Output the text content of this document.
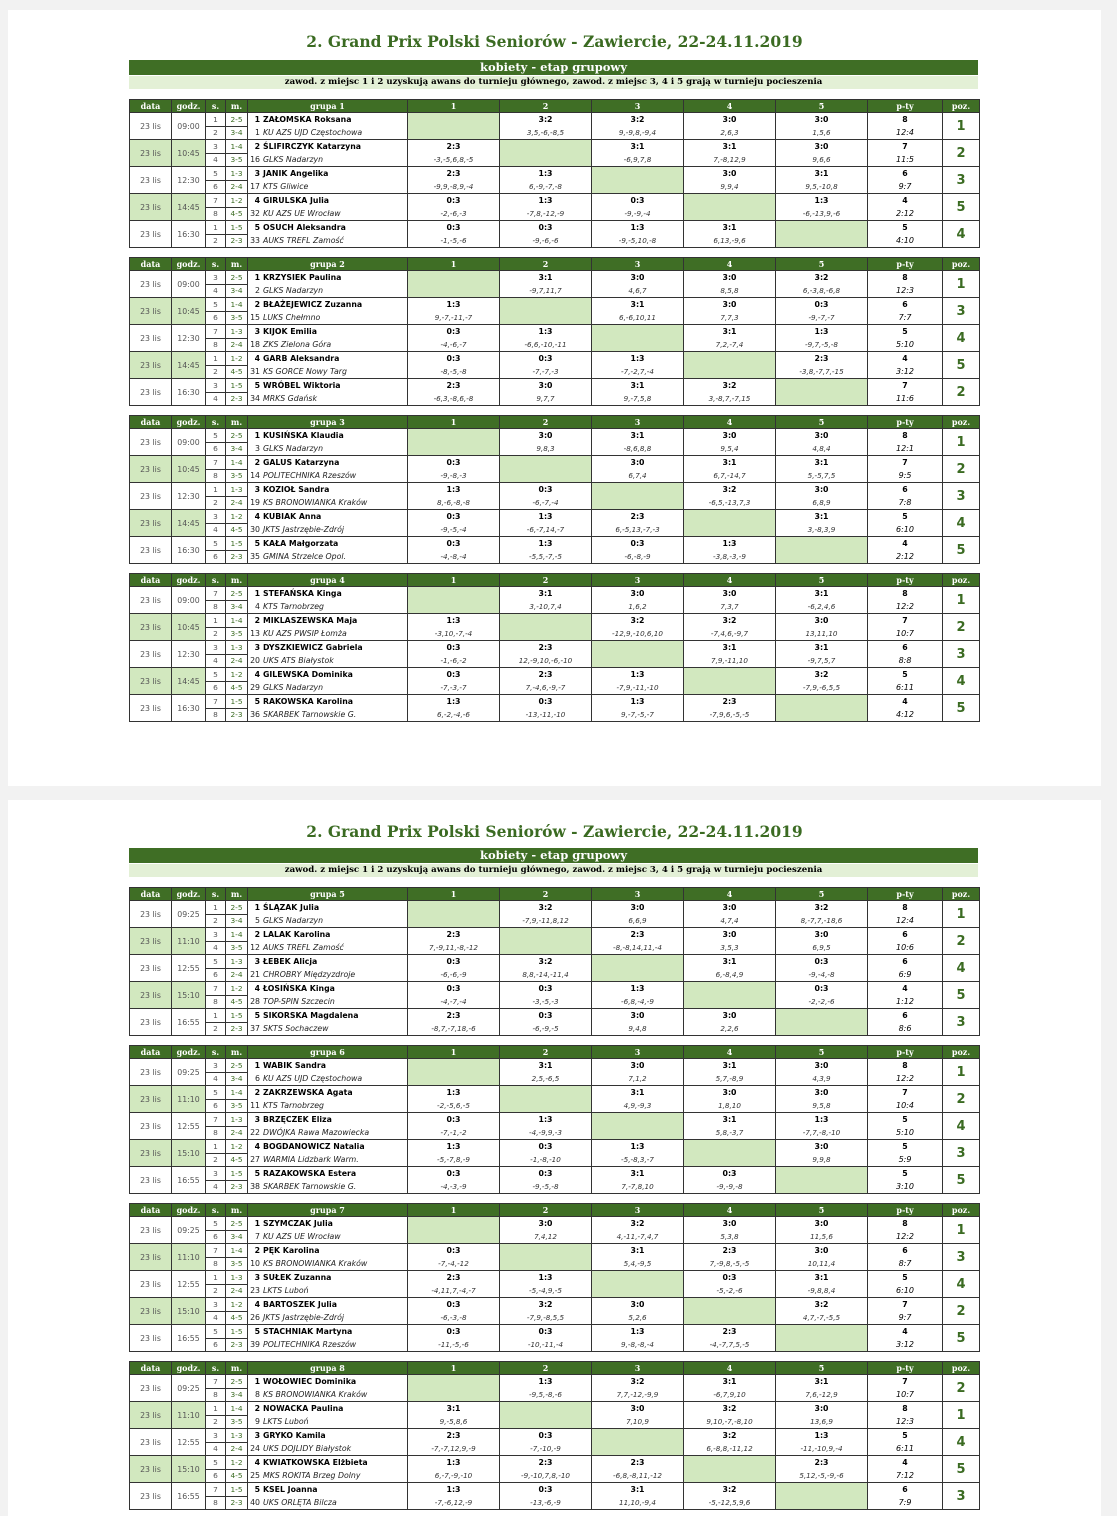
2. Grand Prix Polski Seniorów - Zawiercie, 22-24.11.2019
kobiety - etap grupowy
zawod. z miejsc 1 i 2 uzyskują awans do turnieju głównego, zawod. z miejsc 3, 4 i 5 grają w turnieju pocieszenia
data	godz.	s.	m.	grupa 1	1	2	3	4	5	p-ty	poz.
23 lis	09:00	1	2-5	1 ZAŁOMSKA Roksana		3:2	3:2	3:0	3:0	8	1
		2	3-4	1 KU AZS UJD Częstochowa		3,5,-6,-8,5	9,-9,8,-9,4	2,6,3	1,5,6	12:4	
23 lis	10:45	3	1-4	2 ŚLIFIRCZYK Katarzyna	2:3		3:1	3:1	3:0	7	2
		4	3-5	16 GLKS Nadarzyn	-3,-5,6,8,-5		-6,9,7,8	7,-8,12,9	9,6,6	11:5	
23 lis	12:30	5	1-3	3 JANIK Angelika	2:3	1:3		3:0	3:1	6	3
		6	2-4	17 KTS Gliwice	-9,9,-8,9,-4	6,-9,-7,-8		9,9,4	9,5,-10,8	9:7	
23 lis	14:45	7	1-2	4 GIRULSKA Julia	0:3	1:3	0:3		1:3	4	5
		8	4-5	32 KU AZS UE Wrocław	-2,-6,-3	-7,8,-12,-9	-9,-9,-4		-6,-13,9,-6	2:12	
23 lis	16:30	1	1-5	5 OSUCH Aleksandra	0:3	0:3	1:3	3:1		5	4
		2	2-3	33 AUKS TREFL Zamość	-1,-5,-6	-9,-6,-6	-9,-5,10,-8	6,13,-9,6		4:10	
data	godz.	s.	m.	grupa 2	1	2	3	4	5	p-ty	poz.
23 lis	09:00	3	2-5	1 KRZYSIEK Paulina		3:1	3:0	3:0	3:2	8	1
		4	3-4	2 GLKS Nadarzyn		-9,7,11,7	4,6,7	8,5,8	6,-3,8,-6,8	12:3	
23 lis	10:45	5	1-4	2 BŁAŻEJEWICZ Zuzanna	1:3		3:1	3:0	0:3	6	3
		6	3-5	15 LUKS Chełmno	9,-7,-11,-7		6,-6,10,11	7,7,3	-9,-7,-7	7:7	
23 lis	12:30	7	1-3	3 KIJOK Emilia	0:3	1:3		3:1	1:3	5	4
		8	2-4	18 ZKS Zielona Góra	-4,-6,-7	-6,6,-10,-11		7,2,-7,4	-9,7,-5,-8	5:10	
23 lis	14:45	1	1-2	4 GARB Aleksandra	0:3	0:3	1:3		2:3	4	5
		2	4-5	31 KS GORCE Nowy Targ	-8,-5,-8	-7,-7,-3	-7,-2,7,-4		-3,8,-7,7,-15	3:12	
23 lis	16:30	3	1-5	5 WRÓBEL Wiktoria	2:3	3:0	3:1	3:2		7	2
		4	2-3	34 MRKS Gdańsk	-6,3,-8,6,-8	9,7,7	9,-7,5,8	3,-8,7,-7,15		11:6	
data	godz.	s.	m.	grupa 3	1	2	3	4	5	p-ty	poz.
23 lis	09:00	5	2-5	1 KUSIŃSKA Klaudia		3:0	3:1	3:0	3:0	8	1
		6	3-4	3 GLKS Nadarzyn		9,8,3	-8,6,8,8	9,5,4	4,8,4	12:1	
23 lis	10:45	7	1-4	2 GALUS Katarzyna	0:3		3:0	3:1	3:1	7	2
		8	3-5	14 POLITECHNIKA Rzeszów	-9,-8,-3		6,7,4	6,7,-14,7	5,-5,7,5	9:5	
23 lis	12:30	1	1-3	3 KOZIOŁ Sandra	1:3	0:3		3:2	3:0	6	3
		2	2-4	19 KS BRONOWIANKA Kraków	8,-6,-8,-8	-6,-7,-4		-6,5,-13,7,3	6,8,9	7:8	
23 lis	14:45	3	1-2	4 KUBIAK Anna	0:3	1:3	2:3		3:1	5	4
		4	4-5	30 JKTS Jastrzębie-Zdrój	-9,-5,-4	-6,-7,14,-7	6,-5,13,-7,-3		3,-8,3,9	6:10	
23 lis	16:30	5	1-5	5 KAŁA Małgorzata	0:3	1:3	0:3	1:3		4	5
		6	2-3	35 GMINA Strzelce Opol.	-4,-8,-4	-5,5,-7,-5	-6,-8,-9	-3,8,-3,-9		2:12	
data	godz.	s.	m.	grupa 4	1	2	3	4	5	p-ty	poz.
23 lis	09:00	7	2-5	1 STEFAŃSKA Kinga		3:1	3:0	3:0	3:1	8	1
		8	3-4	4 KTS Tarnobrzeg		3,-10,7,4	1,6,2	7,3,7	-6,2,4,6	12:2	
23 lis	10:45	1	1-4	2 MIKLASZEWSKA Maja	1:3		3:2	3:2	3:0	7	2
		2	3-5	13 KU AZS PWSIP Łomża	-3,10,-7,-4		-12,9,-10,6,10	-7,4,6,-9,7	13,11,10	10:7	
23 lis	12:30	3	1-3	3 DYSZKIEWICZ Gabriela	0:3	2:3		3:1	3:1	6	3
		4	2-4	20 UKS ATS Białystok	-1,-6,-2	12,-9,10,-6,-10		7,9,-11,10	-9,7,5,7	8:8	
23 lis	14:45	5	1-2	4 GILEWSKA Dominika	0:3	2:3	1:3		3:2	5	4
		6	4-5	29 GLKS Nadarzyn	-7,-3,-7	7,-4,6,-9,-7	-7,9,-11,-10		-7,9,-6,5,5	6:11	
23 lis	16:30	7	1-5	5 RAKOWSKA Karolina	1:3	0:3	1:3	2:3		4	5
		8	2-3	36 SKARBEK Tarnowskie G.	6,-2,-4,-6	-13,-11,-10	9,-7,-5,-7	-7,9,6,-5,-5		4:12	
2. Grand Prix Polski Seniorów - Zawiercie, 22-24.11.2019
kobiety - etap grupowy
zawod. z miejsc 1 i 2 uzyskują awans do turnieju głównego, zawod. z miejsc 3, 4 i 5 grają w turnieju pocieszenia
data	godz.	s.	m.	grupa 5	1	2	3	4	5	p-ty	poz.
23 lis	09:25	1	2-5	1 ŚLĄZAK Julia		3:2	3:0	3:0	3:2	8	1
		2	3-4	5 GLKS Nadarzyn		-7,9,-11,8,12	6,6,9	4,7,4	8,-7,7,-18,6	12:4	
23 lis	11:10	3	1-4	2 LALAK Karolina	2:3		2:3	3:0	3:0	6	2
		4	3-5	12 AUKS TREFL Zamość	7,-9,11,-8,-12		-8,-8,14,11,-4	3,5,3	6,9,5	10:6	
23 lis	12:55	5	1-3	3 ŁEBEK Alicja	0:3	3:2		3:1	0:3	6	4
		6	2-4	21 CHROBRY Międzyzdroje	-6,-6,-9	8,8,-14,-11,4		6,-8,4,9	-9,-4,-8	6:9	
23 lis	15:10	7	1-2	4 ŁOSIŃSKA Kinga	0:3	0:3	1:3		0:3	4	5
		8	4-5	28 TOP-SPIN Szczecin	-4,-7,-4	-3,-5,-3	-6,8,-4,-9		-2,-2,-6	1:12	
23 lis	16:55	1	1-5	5 SIKORSKA Magdalena	2:3	0:3	3:0	3:0		6	3
		2	2-3	37 SKTS Sochaczew	-8,7,-7,18,-6	-6,-9,-5	9,4,8	2,2,6		8:6	
data	godz.	s.	m.	grupa 6	1	2	3	4	5	p-ty	poz.
23 lis	09:25	3	2-5	1 WABIK Sandra		3:1	3:0	3:1	3:0	8	1
		4	3-4	6 KU AZS UJD Częstochowa		2,5,-6,5	7,1,2	5,7,-8,9	4,3,9	12:2	
23 lis	11:10	5	1-4	2 ZAKRZEWSKA Agata	1:3		3:1	3:0	3:0	7	2
		6	3-5	11 KTS Tarnobrzeg	-2,-5,6,-5		4,9,-9,3	1,8,10	9,5,8	10:4	
23 lis	12:55	7	1-3	3 BRZĘCZEK Eliza	0:3	1:3		3:1	1:3	5	4
		8	2-4	22 DWÓJKA Rawa Mazowiecka	-7,-1,-2	-4,-9,9,-3		5,8,-3,7	-7,7,-8,-10	5:10	
23 lis	15:10	1	1-2	4 BOGDANOWICZ Natalia	1:3	0:3	1:3		3:0	5	3
		2	4-5	27 WARMIA Lidzbark Warm.	-5,-7,8,-9	-1,-8,-10	-5,-8,3,-7		9,9,8	5:9	
23 lis	16:55	3	1-5	5 RAZAKOWSKA Estera	0:3	0:3	3:1	0:3		5	5
		4	2-3	38 SKARBEK Tarnowskie G.	-4,-3,-9	-9,-5,-8	7,-7,8,10	-9,-9,-8		3:10	
data	godz.	s.	m.	grupa 7	1	2	3	4	5	p-ty	poz.
23 lis	09:25	5	2-5	1 SZYMCZAK Julia		3:0	3:2	3:0	3:0	8	1
		6	3-4	7 KU AZS UE Wrocław		7,4,12	4,-11,-7,4,7	5,3,8	11,5,6	12:2	
23 lis	11:10	7	1-4	2 PĘK Karolina	0:3		3:1	2:3	3:0	6	3
		8	3-5	10 KS BRONOWIANKA Kraków	-7,-4,-12		5,4,-9,5	7,-9,8,-5,-5	10,11,4	8:7	
23 lis	12:55	1	1-3	3 SUŁEK Zuzanna	2:3	1:3		0:3	3:1	5	4
		2	2-4	23 LKTS Luboń	-4,11,7,-4,-7	-5,-4,9,-5		-5,-2,-6	-9,8,8,4	6:10	
23 lis	15:10	3	1-2	4 BARTOSZEK Julia	0:3	3:2	3:0		3:2	7	2
		4	4-5	26 JKTS Jastrzębie-Zdrój	-6,-3,-8	-7,9,-8,5,5	5,2,6		4,7,-7,-5,5	9:7	
23 lis	16:55	5	1-5	5 STACHNIAK Martyna	0:3	0:3	1:3	2:3		4	5
		6	2-3	39 POLITECHNIKA Rzeszów	-11,-5,-6	-10,-11,-4	9,-8,-8,-4	-4,-7,7,5,-5		3:12	
data	godz.	s.	m.	grupa 8	1	2	3	4	5	p-ty	poz.
23 lis	09:25	7	2-5	1 WOŁOWIEC Dominika		1:3	3:2	3:1	3:1	7	2
		8	3-4	8 KS BRONOWIANKA Kraków		-9,5,-8,-6	7,7,-12,-9,9	-6,7,9,10	7,6,-12,9	10:7	
23 lis	11:10	1	1-4	2 NOWACKA Paulina	3:1		3:0	3:2	3:0	8	1
		2	3-5	9 LKTS Luboń	9,-5,8,6		7,10,9	9,10,-7,-8,10	13,6,9	12:3	
23 lis	12:55	3	1-3	3 GRYKO Kamila	2:3	0:3		3:2	1:3	5	4
		4	2-4	24 UKS DOJLIDY Białystok	-7,-7,12,9,-9	-7,-10,-9		6,-8,8,-11,12	-11,-10,9,-4	6:11	
23 lis	15:10	5	1-2	4 KWIATKOWSKA Elżbieta	1:3	2:3	2:3		2:3	4	5
		6	4-5	25 MKS ROKITA Brzeg Dolny	6,-7,-9,-10	-9,-10,7,8,-10	-6,8,-8,11,-12		5,12,-5,-9,-6	7:12	
23 lis	16:55	7	1-5	5 KSEL Joanna	1:3	0:3	3:1	3:2		6	3
		8	2-3	40 UKS ORLĘTA Bilcza	-7,-6,12,-9	-13,-6,-9	11,10,-9,4	-5,-12,5,9,6		7:9	
